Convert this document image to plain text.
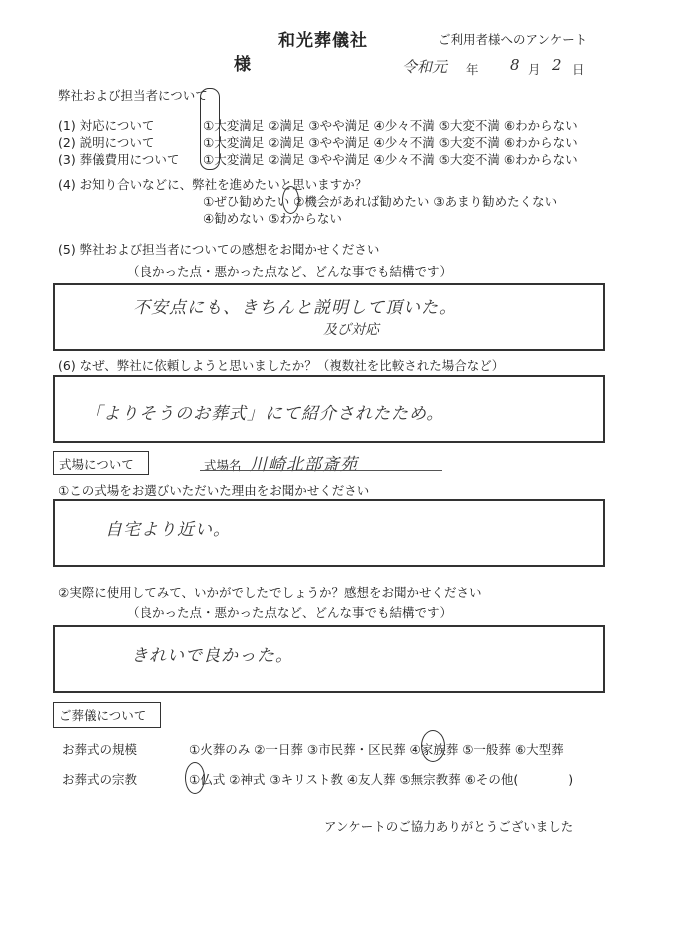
和光葬儀社	ご利用者様へのアンケート
様	令和元 年 8 月 2 日
弊社および担当者について
(1) 対応について	①大変満足 ②満足 ③やや満足 ④少々不満 ⑤大変不満 ⑥わからない
(2) 説明について	①大変満足 ②満足 ③やや満足 ④少々不満 ⑤大変不満 ⑥わからない
(3) 葬儀費用について ①大変満足 ②満足 ③やや満足 ④少々不満 ⑤大変不満 ⑥わからない
(4) お知り合いなどに、弊社を進めたいと思いますか？
①ぜひ勧めたい ②機会があれば勧めたい ③あまり勧めたくない
④勧めない ⑤わからない
(5) 弊社および担当者についての感想をお聞かせください
（良かった点・悪かった点など、どんな事でも結構です）
不安点にも、きちんと説明して頂いた。
及び対応
(6) なぜ、弊社に依頼しようと思いましたか？（複数社を比較された場合など）
「よりそうのお葬式」にて紹介されたため。
式場について	式場名 川崎北部斎苑
①この式場をお選びいただいた理由をお聞かせください
自宅より近い。
②実際に使用してみて、いかがでしたでしょうか？感想をお聞かせください
（良かった点・悪かった点など、どんな事でも結構です）
きれいで良かった。
ご葬儀について
お葬式の規模	①火葬のみ ②一日葬 ③市民葬・区民葬 ④家族葬 ⑤一般葬 ⑥大型葬
お葬式の宗教	①仏式 ②神式 ③キリスト教 ④友人葬 ⑤無宗教葬 ⑥その他(　　　　)
アンケートのご協力ありがとうございました
